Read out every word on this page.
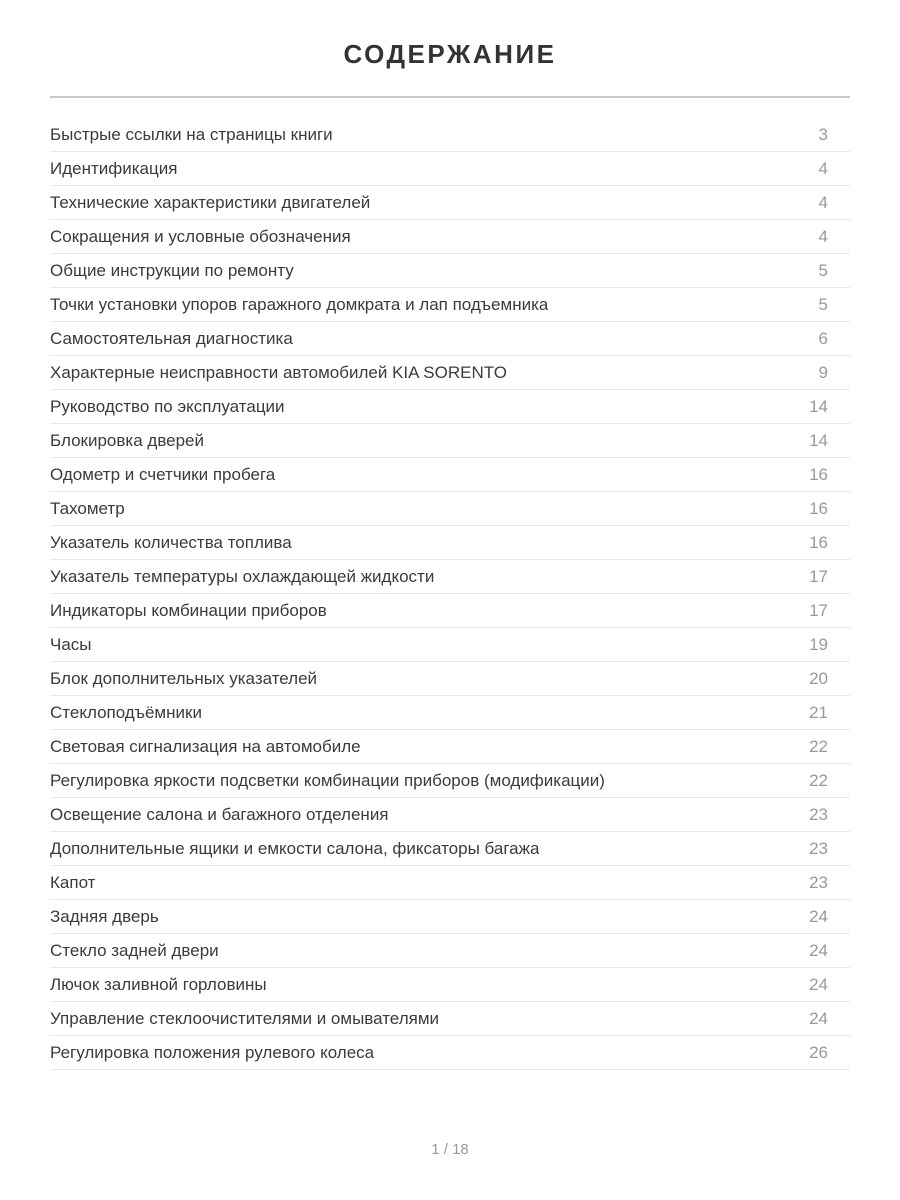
СОДЕРЖАНИЕ
Быстрые ссылки на страницы книги	3
Идентификация	4
Технические характеристики двигателей	4
Сокращения и условные обозначения	4
Общие инструкции по ремонту	5
Точки установки упоров гаражного домкрата и лап подъемника	5
Самостоятельная диагностика	6
Характерные неисправности автомобилей KIA SORENTO	9
Руководство по эксплуатации	14
Блокировка дверей	14
Одометр и счетчики пробега	16
Тахометр	16
Указатель количества топлива	16
Указатель температуры охлаждающей жидкости	17
Индикаторы комбинации приборов	17
Часы	19
Блок дополнительных указателей	20
Стеклоподъёмники	21
Световая сигнализация на автомобиле	22
Регулировка яркости подсветки комбинации приборов (модификации)	22
Освещение салона и багажного отделения	23
Дополнительные ящики и емкости салона, фиксаторы багажа	23
Капот	23
Задняя дверь	24
Стекло задней двери	24
Лючок заливной горловины	24
Управление стеклоочистителями и омывателями	24
Регулировка положения рулевого колеса	26
1 / 18
